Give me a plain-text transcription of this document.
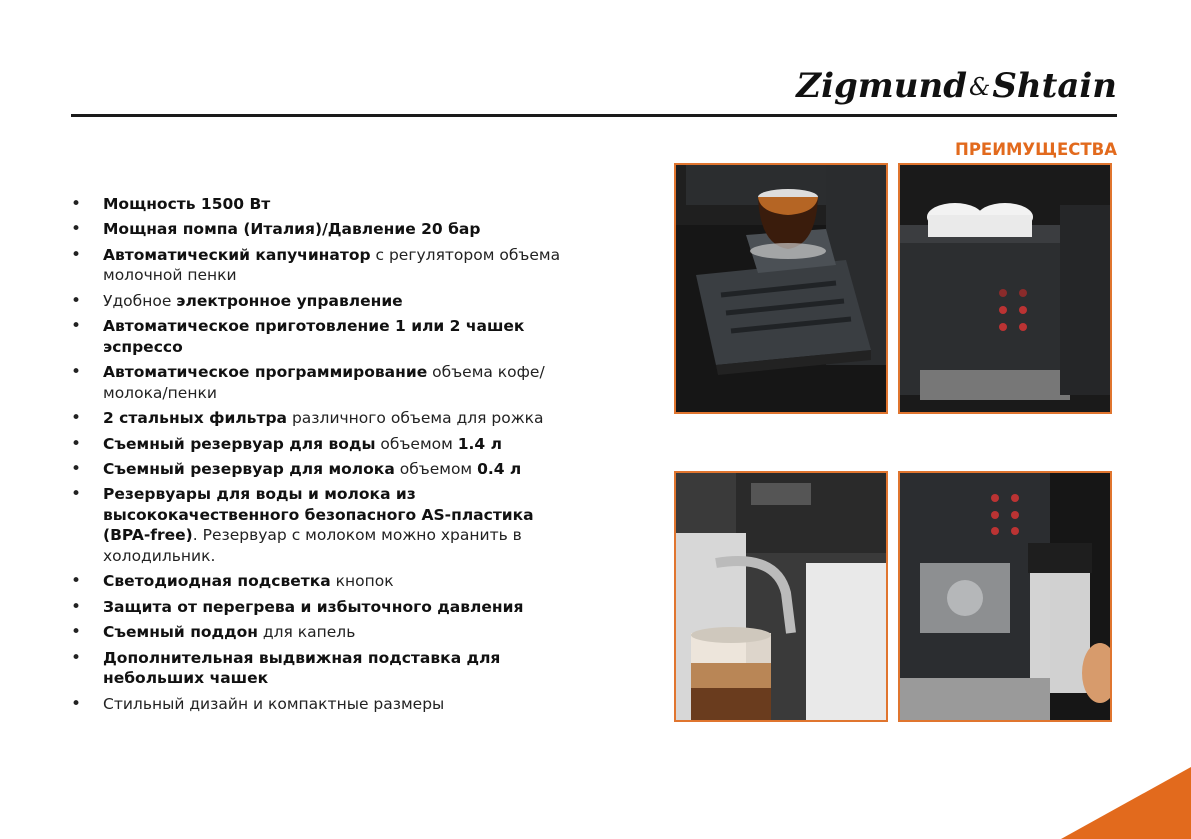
Zigmund&Shtain
ПРЕИМУЩЕСТВА
• Мощность 1500 Вт
• Мощная помпа (Италия)/Давление 20 бар
• Автоматический капучинатор с регулятором объема молочной пенки
• Удобное электронное управление
• Автоматическое приготовление 1 или 2 чашек эспрессо
• Автоматическое программирование объема кофе/молока/пенки
• 2 стальных фильтра различного объема для рожка
• Съемный резервуар для воды объемом 1.4 л
• Съемный резервуар для молока объемом 0.4 л
• Резервуары для воды и молока из высококачественного безопасного AS-пластика (BPA-free). Резервуар с молоком можно хранить в холодильник.
• Светодиодная подсветка кнопок
• Защита от перегрева и избыточного давления
• Съемный поддон для капель
• Дополнительная выдвижная подставка для небольших чашек
• Стильный дизайн и компактные размеры
